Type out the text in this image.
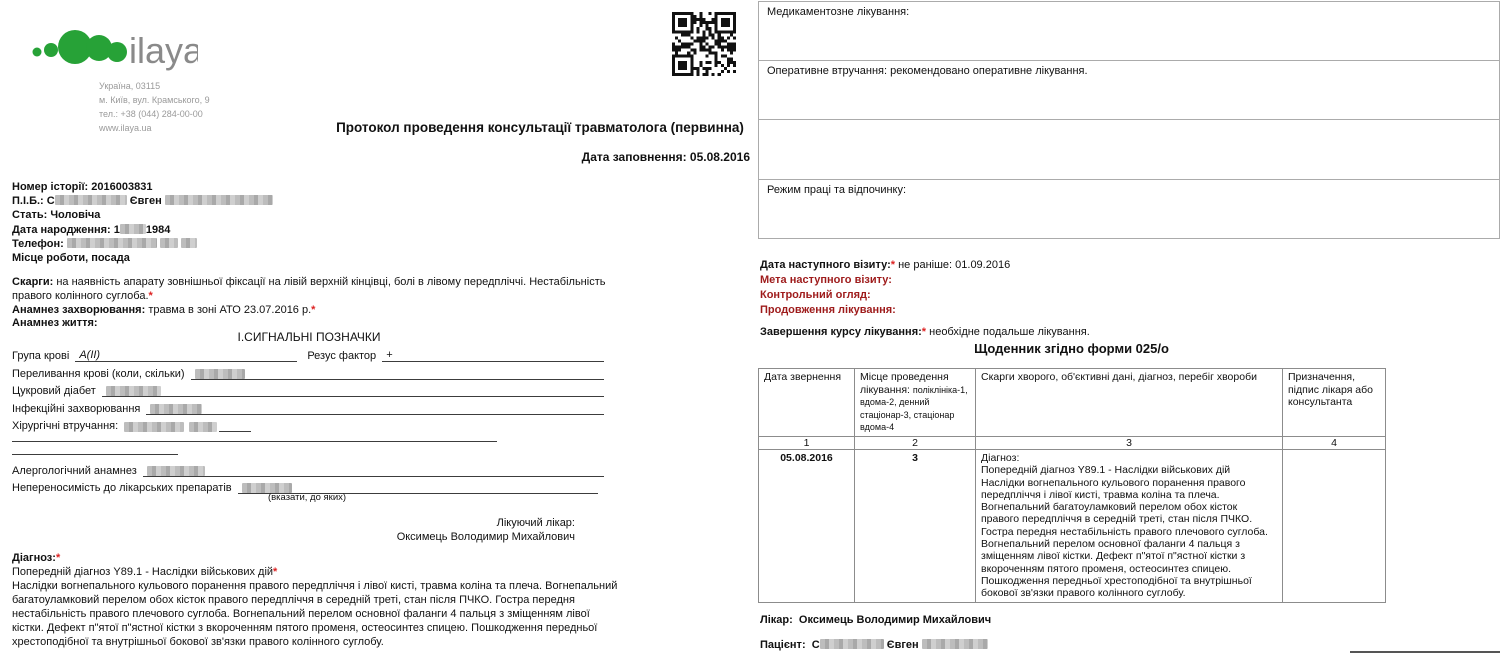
ilaya
Україна, 03115
м. Київ, вул. Крамського, 9
тел.: +38 (044) 284-00-00
www.ilaya.ua	Протокол проведення консультації травматолога (первинна)
Дата заповнення: 05.08.2016
Номер історії: 2016003831
П.І.Б.: С	Євген
Стать: Чоловіча
Дата народження: 1 1984
Телефон:
Місце роботи, посада
Скарги: на наявність апарату зовнішньої фіксації на лівій верхній кінцівці, болі в лівому передпліччі. Нестабільність правого колінного суглоба.*
Анамнез захворювання: травма в зоні АТО 23.07.2016 р.*
Анамнез життя:
І.СИГНАЛЬНІ ПОЗНАЧКИ
Група крові A(II)	Резус фактор +
Переливання крові (коли, скільки)
Цукровий діабет
Інфекційні захворювання
Хірургічні втручання:
Алергологічний анамнез
Непереносимість до лікарських препаратів
(вказати, до яких)
Лікуючий лікар:
Оксимець Володимир Михайлович
Діагноз:*
Попередній діагноз Y89.1 - Наслідки військових дій*
Наслідки вогнепального кульового поранення правого передпліччя і лівої кисті, травма коліна та плеча. Вогнепальний багатоуламковий перелом обох кісток правого передпліччя в середній треті, стан після ПЧКО. Гостра передня нестабільність правого плечового суглоба. Вогнепальний перелом основної фаланги 4 пальця з зміщенням лівої кістки. Дефект п"ятої п"ястної кістки з вкороченням пятого променя, остеосинтез спицею. Пошкодження передньої хрестоподібної та внутрішньої бокової зв'язки правого колінного суглобу.
Медикаментозне лікування:
Оперативне втручання: рекомендовано оперативне лікування.
Режим праці та відпочинку:
Дата наступного візиту:* не раніше: 01.09.2016
Мета наступного візиту:
Контрольний огляд:
Продовження лікування:
Завершення курсу лікування:* необхідне подальше лікування.
Щоденник згідно форми 025/о
Дата звернення	Місце проведення лікування: поліклініка-1, вдома-2, денний стаціонар-3, стаціонар вдома-4	Скарги хворого, об'єктивні дані, діагноз, перебіг хвороби	Призначення, підпис лікаря або консультанта
1	2	3	4
05.08.2016	3	Діагноз:
Попередній діагноз Y89.1 - Наслідки військових дій
Наслідки вогнепального кульового поранення правого передпліччя і лівої кисті, травма коліна та плеча. Вогнепальний багатоуламковий перелом обох кісток правого передпліччя в середній треті, стан після ПЧКО. Гостра передня нестабільність правого плечового суглоба. Вогнепальний перелом основної фаланги 4 пальця з зміщенням лівої кістки. Дефект п"ятої п"ястної кістки з вкороченням пятого променя, остеосинтез спицею. Пошкодження передньої хрестоподібної та внутрішньої бокової зв'язки правого колінного суглобу.	

Лікар: Оксимець Володимир Михайлович
Пацієнт: С	Євген
